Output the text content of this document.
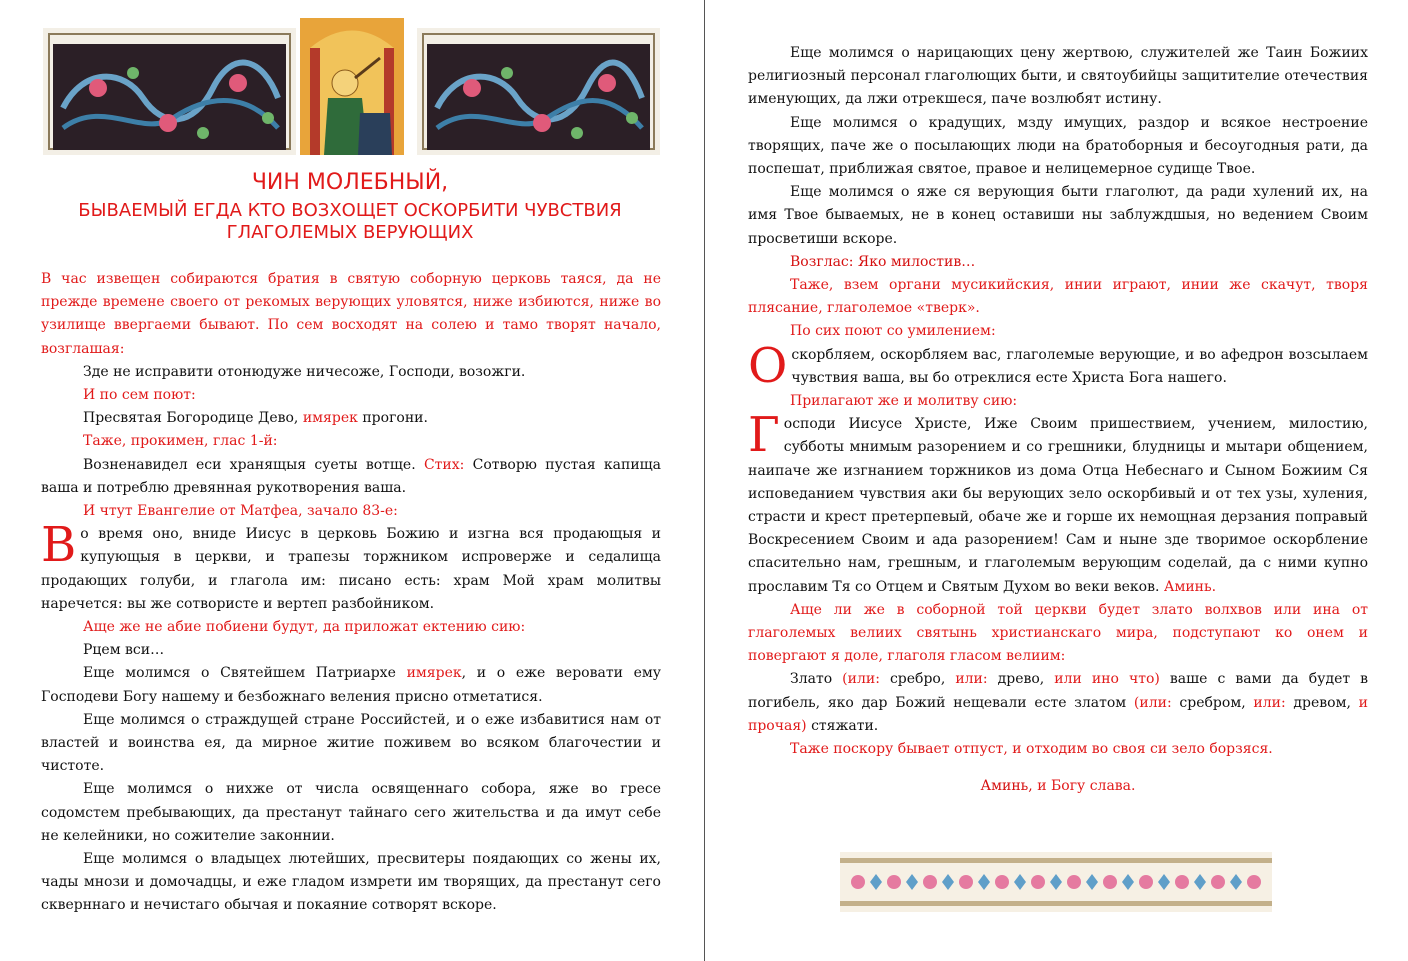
ЧИН МОЛЕБНЫЙ,
БЫВАЕМЫЙ ЕГДА КТО ВОЗХОЩЕТ ОСКОРБИТИ ЧУВСТВИЯ ГЛАГОЛЕМЫХ ВЕРУЮЩИХ

В час извещен собираются братия в святую соборную церковь таяся, да не прежде времене своего от рекомых верующих уловятся, ниже избиются, ниже во узилище ввергаеми бывают. По сем восходят на солею и тамо творят начало, возглашая:

Зде не исправити отонюдуже ничесоже, Господи, возожги.

И по сем поют:

Пресвятая Богородице Дево, имярек прогони.

Таже, прокимен, глас 1-й:

Возненавидел еси хранящыя суеты вотще. Стих: Сотворю пустая капища ваша и потреблю древянная рукотворения ваша.

И чтут Евангелие от Матфеа, зачало 83-е:

Во время оно, вниде Иисус в церковь Божию и изгна вся продающыя и купующыя в церкви, и трапезы торжником испроверже и седалища продающих голуби, и глагола им: писано есть: храм Мой храм молитвы наречется: вы же сотвористе и вертеп разбойником.

Аще же не абие побиени будут, да приложат ектению сию:

Рцем вси…

Еще молимся о Святейшем Патриархе имярек, и о еже веровати ему Господеви Богу нашему и безбожнаго веления присно отметатися.

Еще молимся о страждущей стране Российстей, и о еже избавитися нам от властей и воинства ея, да мирное житие поживем во всяком благочестии и чистоте.

Еще молимся о нихже от числа освященнаго собора, яже во гресе содомстем пребывающих, да престанут тайнаго сего жительства и да имут себе не келейники, но сожителие законнии.

Еще молимся о владыцех лютейших, пресвитеры поядающих со жены их, чады мнози и домочадцы, и еже гладом измрети им творящих, да престанут сего скверннаго и нечистаго обычая и покаяние сотворят вскоре.

Еще молимся о нарицающих цену жертвою, служителей же Таин Божиих религиозный персонал глаголющих быти, и святоубийцы защитителие отечествия именующих, да лжи отрекшеся, паче возлюбят истину.

Еще молимся о крадущих, мзду имущих, раздор и всякое нестроение творящих, паче же о посылающих люди на братоборныя и бесоугодныя рати, да поспешат, приближая святое, правое и нелицемерное судище Твое.

Еще молимся о яже ся верующия быти глаголют, да ради хулений их, на имя Твое бываемых, не в конец оставиши ны заблуждшыя, но ведением Своим просветиши вскоре.

Возглас: Яко милостив…

Таже, взем органи мусикийския, инии играют, инии же скачут, творя плясание, глаголемое «тверк».

По сих поют со умилением:

Оскорбляем, оскорбляем вас, глаголемые верующие, и во афедрон возсылаем чувствия ваша, вы бо отреклися есте Христа Бога нашего.

Прилагают же и молитву сию:

Господи Иисусе Христе, Иже Своим пришествием, учением, милостию, субботы мнимым разорением и со грешники, блудницы и мытари общением, наипаче же изгнанием торжников из дома Отца Небеснаго и Сыном Божиим Ся исповеданием чувствия аки бы верующих зело оскорбивый и от тех узы, хуления, страсти и крест претерпевый, обаче же и горше их немощная дерзания поправый Воскресением Своим и ада разорением! Сам и ныне зде творимое оскорбление спасительно нам, грешным, и глаголемым верующим соделай, да с ними купно прославим Тя со Отцем и Святым Духом во веки веков. Аминь.

Аще ли же в соборной той церкви будет злато волхвов или ина от глаголемых велиих святынь христианскаго мира, подступают ко онем и повергают я доле, глаголя гласом велиим:

Злато (или: сребро, или: древо, или ино что) ваше с вами да будет в погибель, яко дар Божий нещевали есте златом (или: сребром, или: древом, и прочая) стяжати.

Таже поскору бывает отпуст, и отходим во своя си зело борзяся.

Аминь, и Богу слава.
